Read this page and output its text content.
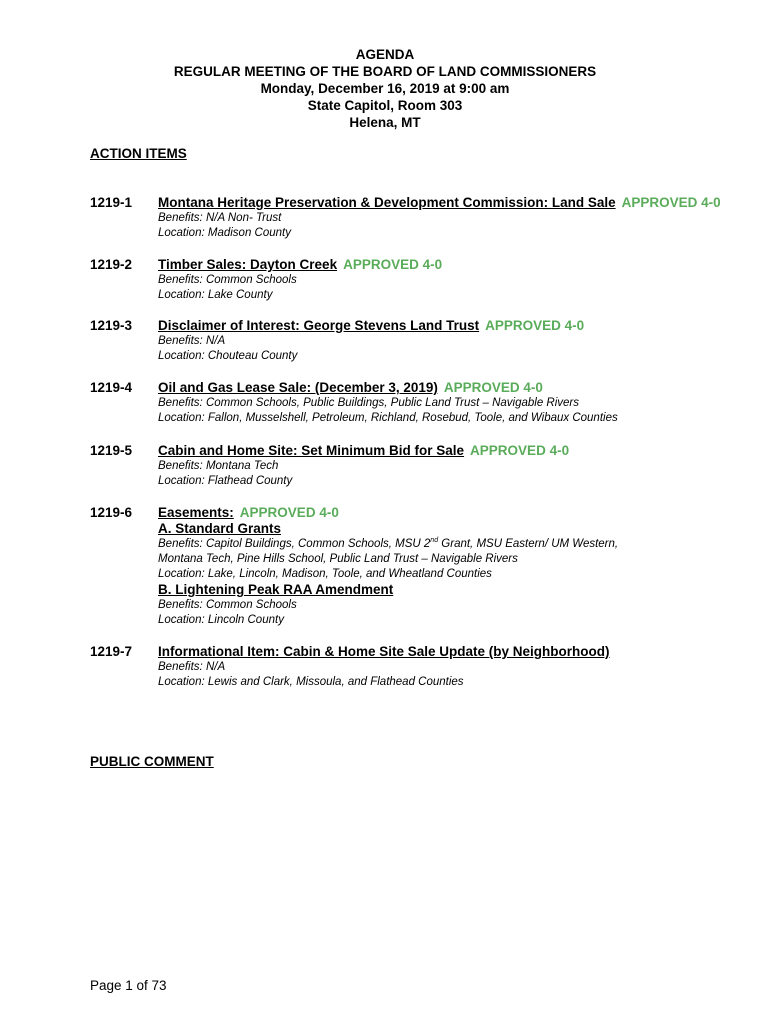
AGENDA
REGULAR MEETING OF THE BOARD OF LAND COMMISSIONERS
Monday, December 16, 2019 at 9:00 am
State Capitol, Room 303
Helena, MT
ACTION ITEMS
1219-1 Montana Heritage Preservation & Development Commission: Land Sale APPROVED 4-0
Benefits: N/A Non- Trust
Location: Madison County
1219-2 Timber Sales: Dayton Creek APPROVED 4-0
Benefits: Common Schools
Location: Lake County
1219-3 Disclaimer of Interest: George Stevens Land Trust APPROVED 4-0
Benefits: N/A
Location: Chouteau County
1219-4 Oil and Gas Lease Sale: (December 3, 2019) APPROVED 4-0
Benefits: Common Schools, Public Buildings, Public Land Trust – Navigable Rivers
Location: Fallon, Musselshell, Petroleum, Richland, Rosebud, Toole, and Wibaux Counties
1219-5 Cabin and Home Site: Set Minimum Bid for Sale APPROVED 4-0
Benefits: Montana Tech
Location: Flathead County
1219-6 Easements: APPROVED 4-0
A. Standard Grants
Benefits: Capitol Buildings, Common Schools, MSU 2nd Grant, MSU Eastern/ UM Western,
Montana Tech, Pine Hills School, Public Land Trust – Navigable Rivers
Location: Lake, Lincoln, Madison, Toole, and Wheatland Counties
B. Lightening Peak RAA Amendment
Benefits: Common Schools
Location: Lincoln County
1219-7 Informational Item: Cabin & Home Site Sale Update (by Neighborhood)
Benefits: N/A
Location: Lewis and Clark, Missoula, and Flathead Counties
PUBLIC COMMENT
Page 1 of 73
